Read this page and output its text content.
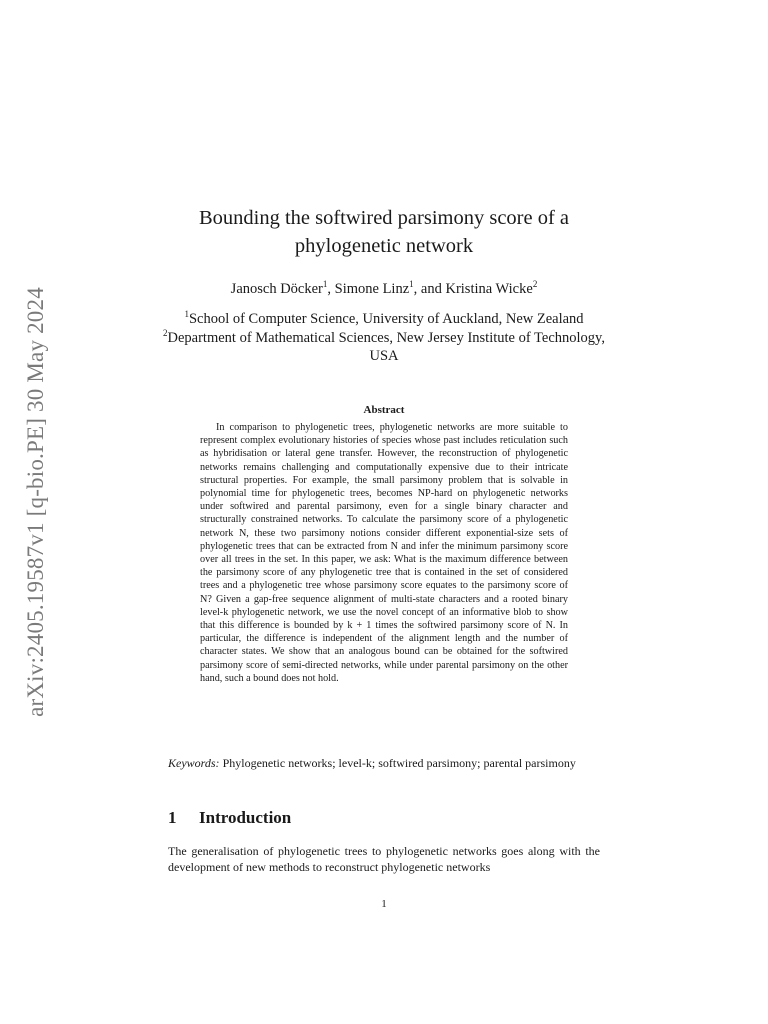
arXiv:2405.19587v1 [q-bio.PE] 30 May 2024
Bounding the softwired parsimony score of a
phylogenetic network
Janosch Döcker$^1$, Simone Linz$^1$, and Kristina Wicke$^2$
$^1$School of Computer Science, University of Auckland, New Zealand
$^2$Department of Mathematical Sciences, New Jersey Institute of Technology, USA
Abstract

In comparison to phylogenetic trees, phylogenetic networks are more suitable to represent complex evolutionary histories of species whose past includes reticulation such as hybridisation or lateral gene transfer. However, the reconstruction of phylogenetic networks remains challenging and computationally expensive due to their intricate structural properties. For example, the small parsimony problem that is solvable in polynomial time for phylogenetic trees, becomes NP-hard on phylogenetic networks under softwired and parental parsimony, even for a single binary character and structurally constrained networks. To calculate the parsimony score of a phylogenetic network N, these two parsimony notions consider different exponential-size sets of phylogenetic trees that can be extracted from N and infer the minimum parsimony score over all trees in the set. In this paper, we ask: What is the maximum difference between the parsimony score of any phylogenetic tree that is contained in the set of considered trees and a phylogenetic tree whose parsimony score equates to the parsimony score of N? Given a gap-free sequence alignment of multi-state characters and a rooted binary level-k phylogenetic network, we use the novel concept of an informative blob to show that this difference is bounded by k + 1 times the softwired parsimony score of N. In particular, the difference is independent of the alignment length and the number of character states. We show that an analogous bound can be obtained for the softwired parsimony score of semi-directed networks, while under parental parsimony on the other hand, such a bound does not hold.

Keywords: Phylogenetic networks; level-k; softwired parsimony; parental parsimony

1 Introduction

The generalisation of phylogenetic trees to phylogenetic networks goes along with the development of new methods to reconstruct phylogenetic networks

1
